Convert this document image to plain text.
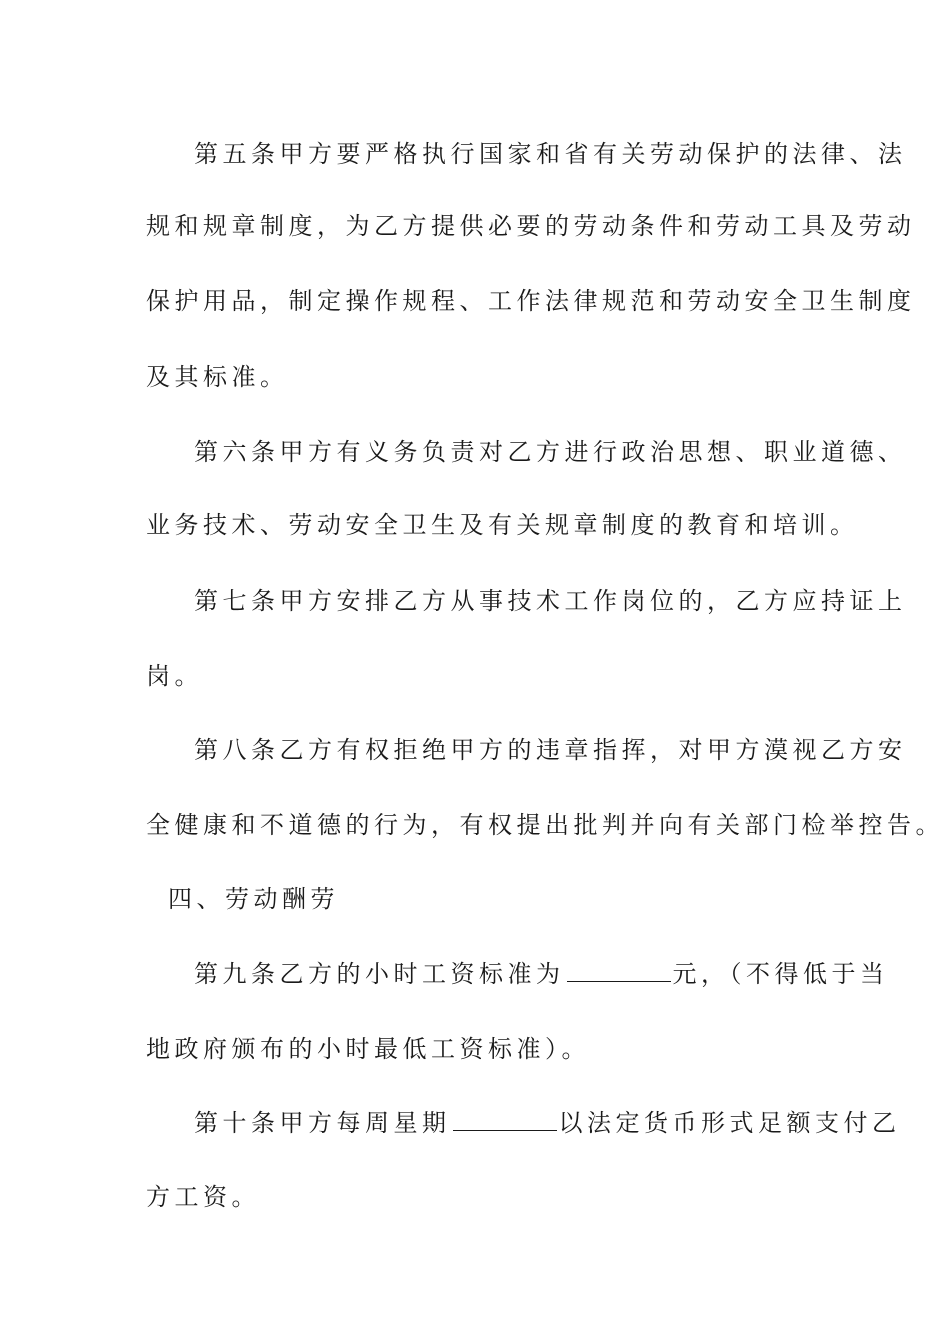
第五条甲方要严格执行国家和省有关劳动保护的法律、法
规和规章制度，为乙方提供必要的劳动条件和劳动工具及劳动
保护用品，制定操作规程、工作法律规范和劳动安全卫生制度
及其标准。
第六条甲方有义务负责对乙方进行政治思想、职业道德、
业务技术、劳动安全卫生及有关规章制度的教育和培训。
第七条甲方安排乙方从事技术工作岗位的，乙方应持证上
岗。
第八条乙方有权拒绝甲方的违章指挥，对甲方漠视乙方安
全健康和不道德的行为，有权提出批判并向有关部门检举控告。
四、劳动酬劳
第九条乙方的小时工资标准为	元，（不得低于当
地政府颁布的小时最低工资标准）。
第十条甲方每周星期	以法定货币形式足额支付乙
方工资。
